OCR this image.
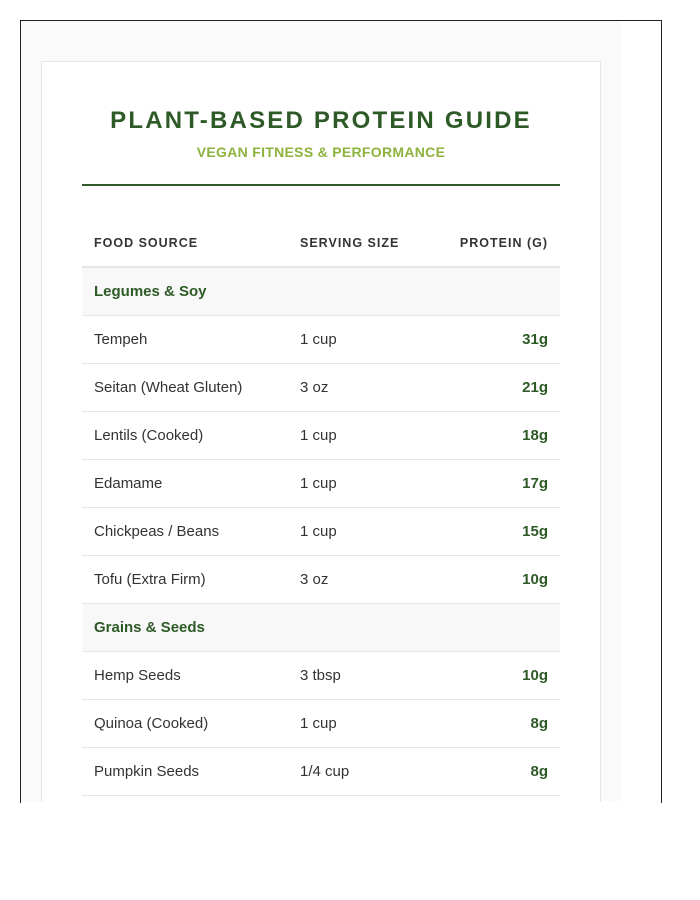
PLANT-BASED PROTEIN GUIDE
VEGAN FITNESS & PERFORMANCE
FOOD SOURCE	SERVING SIZE	PROTEIN (G)
Legumes & Soy		
Tempeh	1 cup	31g
Seitan (Wheat Gluten)	3 oz	21g
Lentils (Cooked)	1 cup	18g
Edamame	1 cup	17g
Chickpeas / Beans	1 cup	15g
Tofu (Extra Firm)	3 oz	10g
Grains & Seeds		
Hemp Seeds	3 tbsp	10g
Quinoa (Cooked)	1 cup	8g
Pumpkin Seeds	1/4 cup	8g
